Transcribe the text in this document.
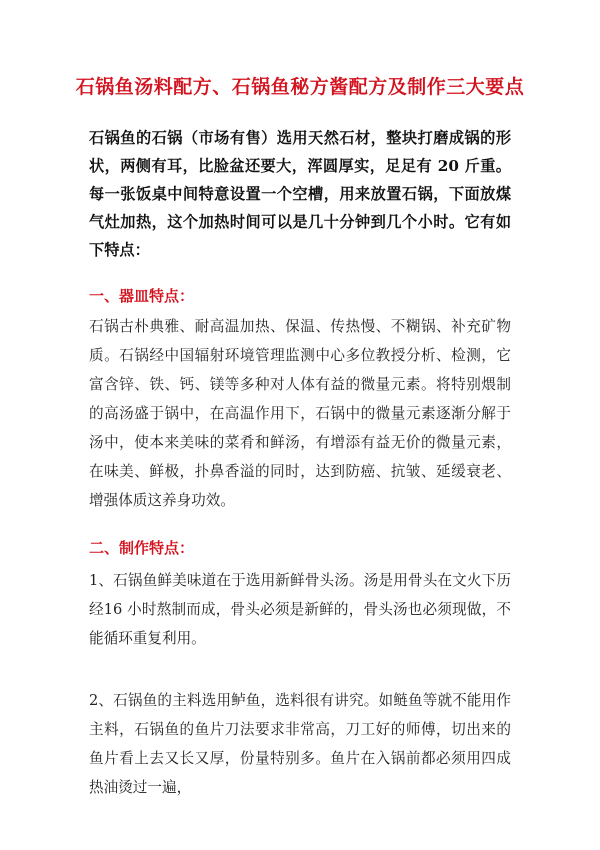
石锅鱼汤料配方、石锅鱼秘方酱配方及制作三大要点
石锅鱼的石锅（市场有售）选用天然石材，整块打磨成锅的形状，两侧有耳，比脸盆还要大，浑圆厚实，足足有 20 斤重。每一张饭桌中间特意设置一个空槽，用来放置石锅，下面放煤气灶加热，这个加热时间可以是几十分钟到几个小时。它有如下特点：
一、器皿特点：
石锅古朴典雅、耐高温加热、保温、传热慢、不糊锅、补充矿物质。石锅经中国辐射环境管理监测中心多位教授分析、检测，它富含锌、铁、钙、镁等多种对人体有益的微量元素。将特别煨制的高汤盛于锅中，在高温作用下，石锅中的微量元素逐渐分解于汤中，使本来美味的菜肴和鲜汤，有增添有益无价的微量元素，在味美、鲜极，扑鼻香溢的同时，达到防癌、抗皱、延缓衰老、增强体质这养身功效。
二、制作特点：
1、石锅鱼鲜美味道在于选用新鲜骨头汤。汤是用骨头在文火下历经16 小时熬制而成，骨头必须是新鲜的，骨头汤也必须现做，不能循环重复利用。
2、石锅鱼的主料选用鲈鱼，选料很有讲究。如鲢鱼等就不能用作主料，石锅鱼的鱼片刀法要求非常高，刀工好的师傅，切出来的鱼片看上去又长又厚，份量特别多。鱼片在入锅前都必须用四成热油烫过一遍，
